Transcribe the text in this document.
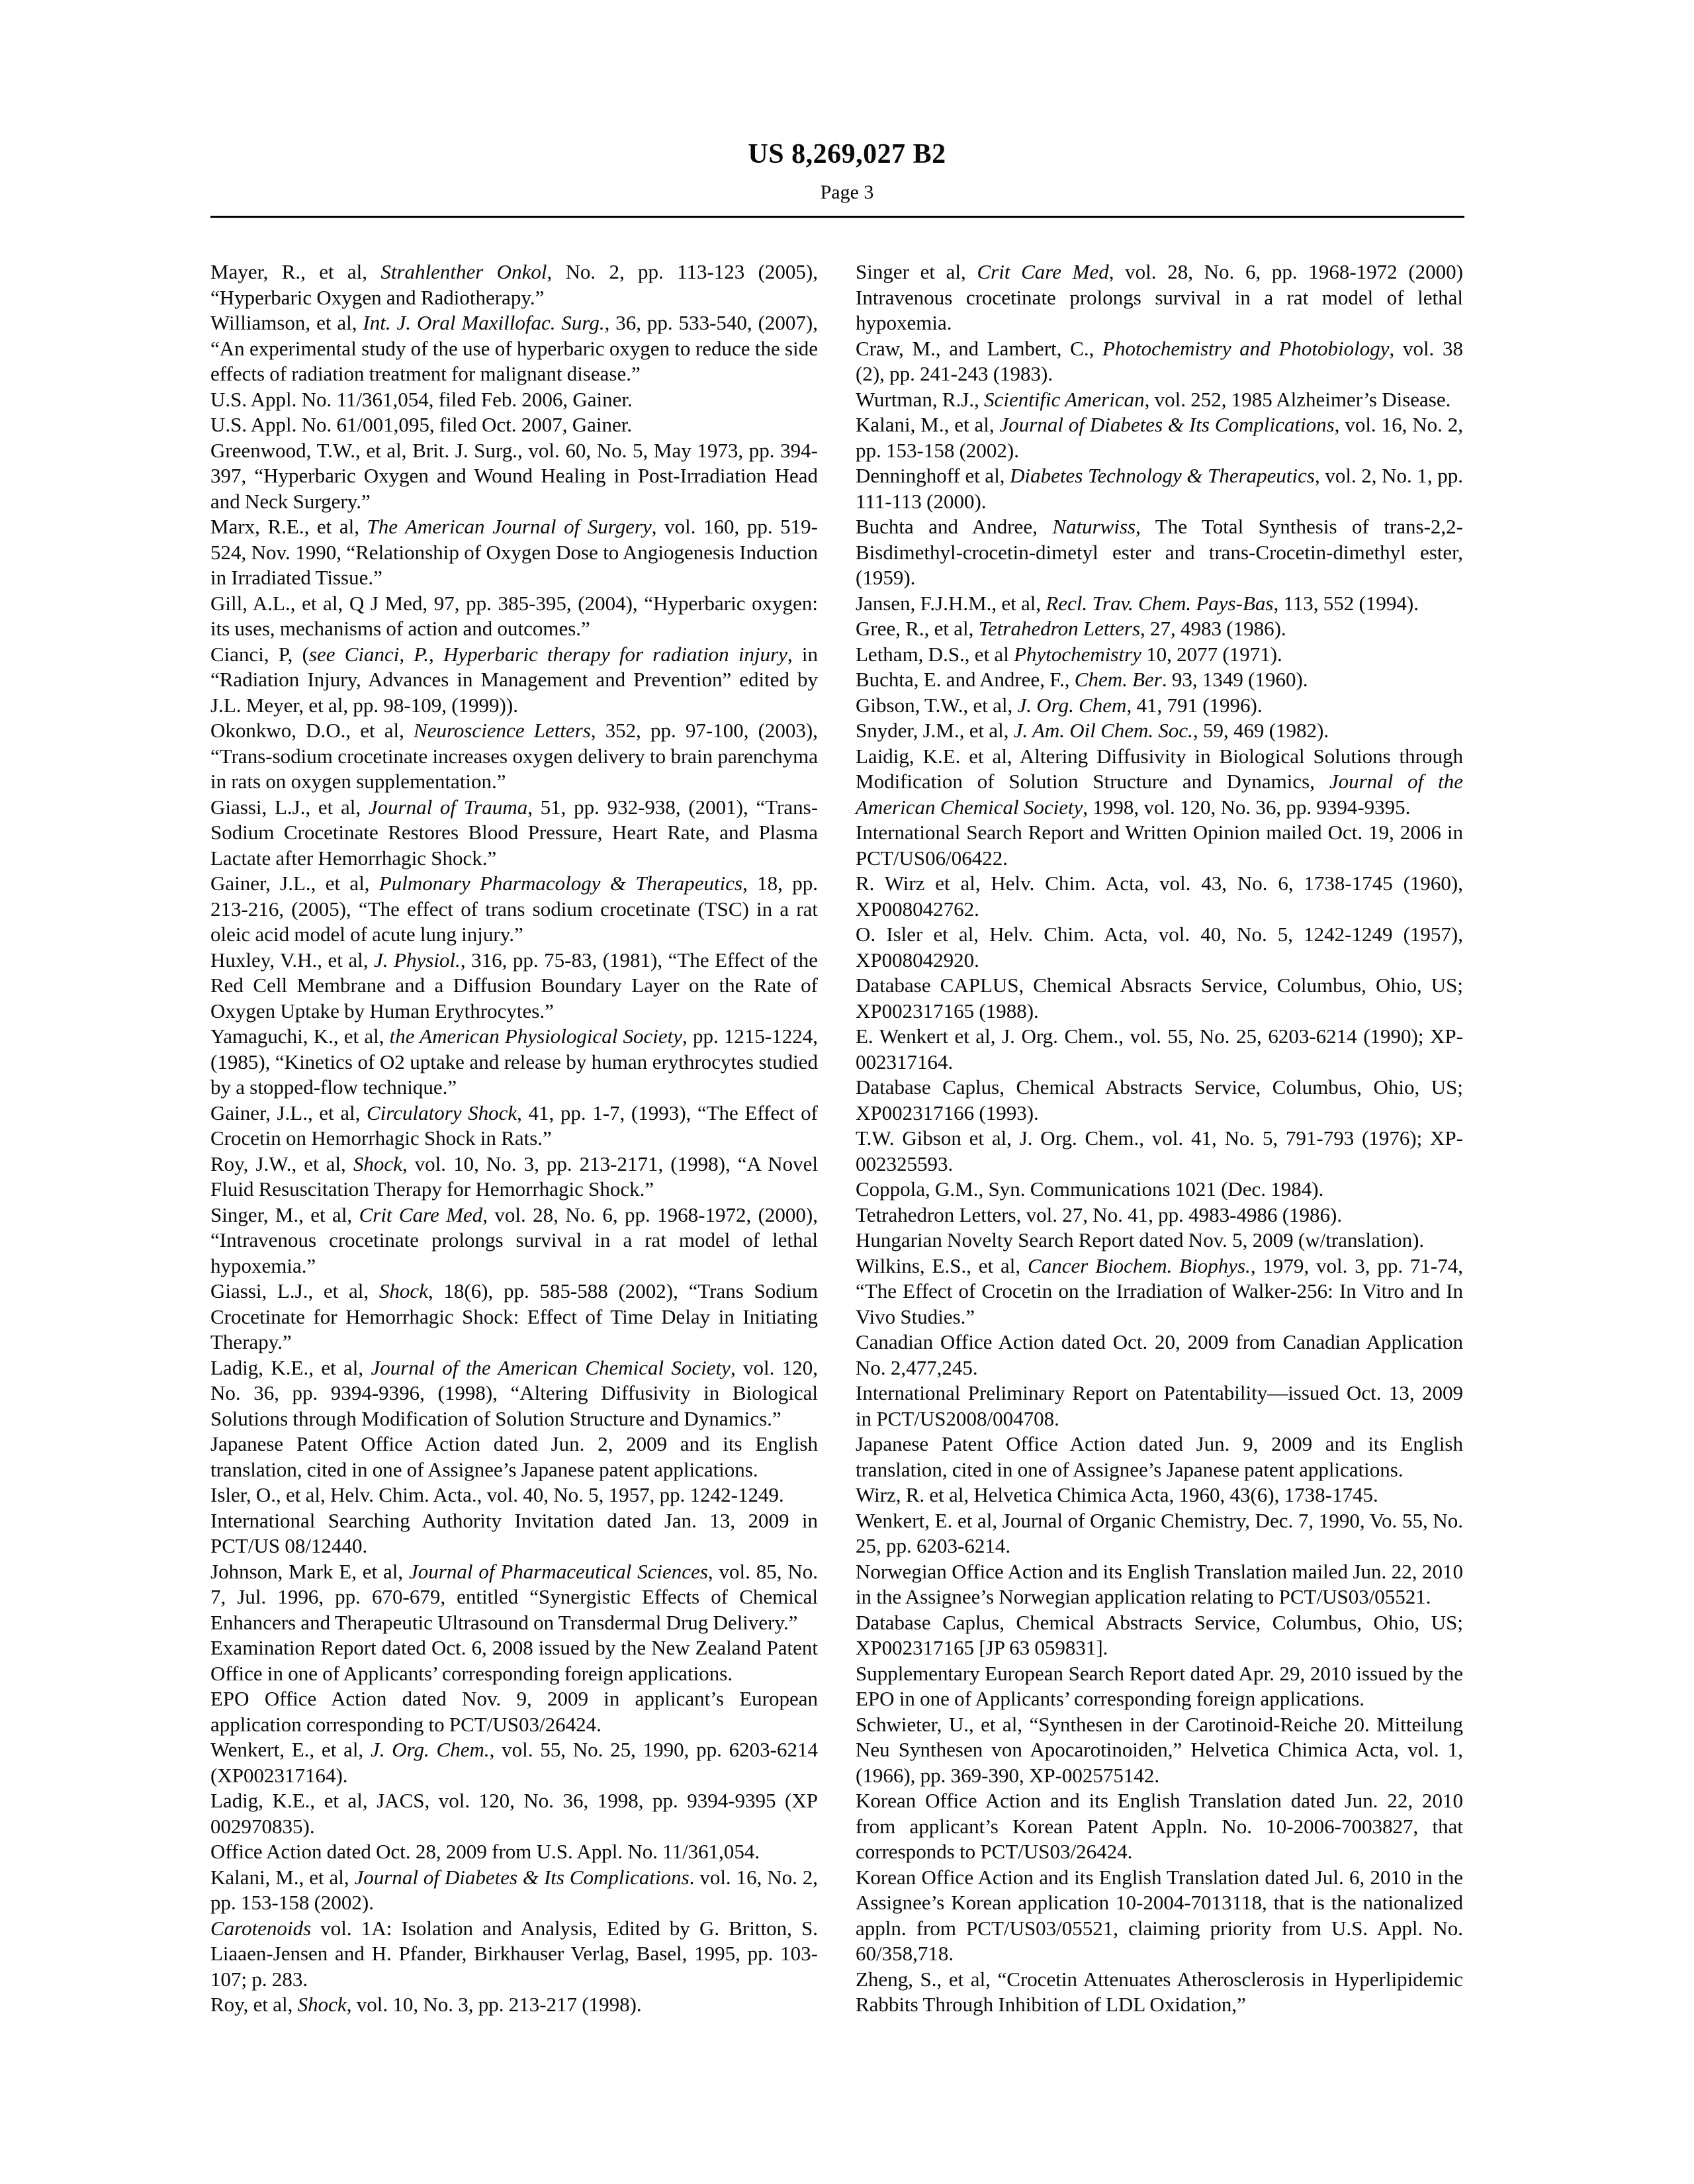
US 8,269,027 B2
Page 3

Mayer, R., et al, Strahlenther Onkol, No. 2, pp. 113-123 (2005), “Hyperbaric Oxygen and Radiotherapy.”

Williamson, et al, Int. J. Oral Maxillofac. Surg., 36, pp. 533-540, (2007), “An experimental study of the use of hyperbaric oxygen to reduce the side effects of radiation treatment for malignant disease.”

U.S. Appl. No. 11/361,054, filed Feb. 2006, Gainer.

U.S. Appl. No. 61/001,095, filed Oct. 2007, Gainer.

Greenwood, T.W., et al, Brit. J. Surg., vol. 60, No. 5, May 1973, pp. 394-397, “Hyperbaric Oxygen and Wound Healing in Post-Irradiation Head and Neck Surgery.”

Marx, R.E., et al, The American Journal of Surgery, vol. 160, pp. 519-524, Nov. 1990, “Relationship of Oxygen Dose to Angiogenesis Induction in Irradiated Tissue.”

Gill, A.L., et al, Q J Med, 97, pp. 385-395, (2004), “Hyperbaric oxygen: its uses, mechanisms of action and outcomes.”

Cianci, P, (see Cianci, P., Hyperbaric therapy for radiation injury, in “Radiation Injury, Advances in Management and Prevention” edited by J.L. Meyer, et al, pp. 98-109, (1999)).

Okonkwo, D.O., et al, Neuroscience Letters, 352, pp. 97-100, (2003), “Trans-sodium crocetinate increases oxygen delivery to brain parenchyma in rats on oxygen supplementation.”

Giassi, L.J., et al, Journal of Trauma, 51, pp. 932-938, (2001), “Trans-Sodium Crocetinate Restores Blood Pressure, Heart Rate, and Plasma Lactate after Hemorrhagic Shock.”

Gainer, J.L., et al, Pulmonary Pharmacology & Therapeutics, 18, pp. 213-216, (2005), “The effect of trans sodium crocetinate (TSC) in a rat oleic acid model of acute lung injury.”

Huxley, V.H., et al, J. Physiol., 316, pp. 75-83, (1981), “The Effect of the Red Cell Membrane and a Diffusion Boundary Layer on the Rate of Oxygen Uptake by Human Erythrocytes.”

Yamaguchi, K., et al, the American Physiological Society, pp. 1215-1224, (1985), “Kinetics of O2 uptake and release by human erythrocytes studied by a stopped-flow technique.”

Gainer, J.L., et al, Circulatory Shock, 41, pp. 1-7, (1993), “The Effect of Crocetin on Hemorrhagic Shock in Rats.”

Roy, J.W., et al, Shock, vol. 10, No. 3, pp. 213-2171, (1998), “A Novel Fluid Resuscitation Therapy for Hemorrhagic Shock.”

Singer, M., et al, Crit Care Med, vol. 28, No. 6, pp. 1968-1972, (2000), “Intravenous crocetinate prolongs survival in a rat model of lethal hypoxemia.”

Giassi, L.J., et al, Shock, 18(6), pp. 585-588 (2002), “Trans Sodium Crocetinate for Hemorrhagic Shock: Effect of Time Delay in Initiating Therapy.”

Ladig, K.E., et al, Journal of the American Chemical Society, vol. 120, No. 36, pp. 9394-9396, (1998), “Altering Diffusivity in Biological Solutions through Modification of Solution Structure and Dynamics.”

Japanese Patent Office Action dated Jun. 2, 2009 and its English translation, cited in one of Assignee’s Japanese patent applications.

Isler, O., et al, Helv. Chim. Acta., vol. 40, No. 5, 1957, pp. 1242-1249.

International Searching Authority Invitation dated Jan. 13, 2009 in PCT/US 08/12440.

Johnson, Mark E, et al, Journal of Pharmaceutical Sciences, vol. 85, No. 7, Jul. 1996, pp. 670-679, entitled “Synergistic Effects of Chemical Enhancers and Therapeutic Ultrasound on Transdermal Drug Delivery.”

Examination Report dated Oct. 6, 2008 issued by the New Zealand Patent Office in one of Applicants’ corresponding foreign applications.

EPO Office Action dated Nov. 9, 2009 in applicant’s European application corresponding to PCT/US03/26424.

Wenkert, E., et al, J. Org. Chem., vol. 55, No. 25, 1990, pp. 6203-6214 (XP002317164).

Ladig, K.E., et al, JACS, vol. 120, No. 36, 1998, pp. 9394-9395 (XP 002970835).

Office Action dated Oct. 28, 2009 from U.S. Appl. No. 11/361,054.

Kalani, M., et al, Journal of Diabetes & Its Complications. vol. 16, No. 2, pp. 153-158 (2002).

Carotenoids vol. 1A: Isolation and Analysis, Edited by G. Britton, S. Liaaen-Jensen and H. Pfander, Birkhauser Verlag, Basel, 1995, pp. 103-107; p. 283.

Roy, et al, Shock, vol. 10, No. 3, pp. 213-217 (1998).

Singer et al, Crit Care Med, vol. 28, No. 6, pp. 1968-1972 (2000) Intravenous crocetinate prolongs survival in a rat model of lethal hypoxemia.

Craw, M., and Lambert, C., Photochemistry and Photobiology, vol. 38 (2), pp. 241-243 (1983).

Wurtman, R.J., Scientific American, vol. 252, 1985 Alzheimer’s Disease.

Kalani, M., et al, Journal of Diabetes & Its Complications, vol. 16, No. 2, pp. 153-158 (2002).

Denninghoff et al, Diabetes Technology & Therapeutics, vol. 2, No. 1, pp. 111-113 (2000).

Buchta and Andree, Naturwiss, The Total Synthesis of trans-2,2-Bisdimethyl-crocetin-dimetyl ester and trans-Crocetin-dimethyl ester, (1959).

Jansen, F.J.H.M., et al, Recl. Trav. Chem. Pays-Bas, 113, 552 (1994).

Gree, R., et al, Tetrahedron Letters, 27, 4983 (1986).

Letham, D.S., et al Phytochemistry 10, 2077 (1971).

Buchta, E. and Andree, F., Chem. Ber. 93, 1349 (1960).

Gibson, T.W., et al, J. Org. Chem, 41, 791 (1996).

Snyder, J.M., et al, J. Am. Oil Chem. Soc., 59, 469 (1982).

Laidig, K.E. et al, Altering Diffusivity in Biological Solutions through Modification of Solution Structure and Dynamics, Journal of the American Chemical Society, 1998, vol. 120, No. 36, pp. 9394-9395.

International Search Report and Written Opinion mailed Oct. 19, 2006 in PCT/US06/06422.

R. Wirz et al, Helv. Chim. Acta, vol. 43, No. 6, 1738-1745 (1960), XP008042762.

O. Isler et al, Helv. Chim. Acta, vol. 40, No. 5, 1242-1249 (1957), XP008042920.

Database CAPLUS, Chemical Absracts Service, Columbus, Ohio, US; XP002317165 (1988).

E. Wenkert et al, J. Org. Chem., vol. 55, No. 25, 6203-6214 (1990); XP-002317164.

Database Caplus, Chemical Abstracts Service, Columbus, Ohio, US; XP002317166 (1993).

T.W. Gibson et al, J. Org. Chem., vol. 41, No. 5, 791-793 (1976); XP-002325593.

Coppola, G.M., Syn. Communications 1021 (Dec. 1984).

Tetrahedron Letters, vol. 27, No. 41, pp. 4983-4986 (1986).

Hungarian Novelty Search Report dated Nov. 5, 2009 (w/translation).

Wilkins, E.S., et al, Cancer Biochem. Biophys., 1979, vol. 3, pp. 71-74, “The Effect of Crocetin on the Irradiation of Walker-256: In Vitro and In Vivo Studies.”

Canadian Office Action dated Oct. 20, 2009 from Canadian Application No. 2,477,245.

International Preliminary Report on Patentability—issued Oct. 13, 2009 in PCT/US2008/004708.

Japanese Patent Office Action dated Jun. 9, 2009 and its English translation, cited in one of Assignee’s Japanese patent applications.

Wirz, R. et al, Helvetica Chimica Acta, 1960, 43(6), 1738-1745.

Wenkert, E. et al, Journal of Organic Chemistry, Dec. 7, 1990, Vo. 55, No. 25, pp. 6203-6214.

Norwegian Office Action and its English Translation mailed Jun. 22, 2010 in the Assignee’s Norwegian application relating to PCT/US03/05521.

Database Caplus, Chemical Abstracts Service, Columbus, Ohio, US; XP002317165 [JP 63 059831].

Supplementary European Search Report dated Apr. 29, 2010 issued by the EPO in one of Applicants’ corresponding foreign applications.

Schwieter, U., et al, “Synthesen in der Carotinoid-Reiche 20. Mitteilung Neu Synthesen von Apocarotinoiden,” Helvetica Chimica Acta, vol. 1, (1966), pp. 369-390, XP-002575142.

Korean Office Action and its English Translation dated Jun. 22, 2010 from applicant’s Korean Patent Appln. No. 10-2006-7003827, that corresponds to PCT/US03/26424.

Korean Office Action and its English Translation dated Jul. 6, 2010 in the Assignee’s Korean application 10-2004-7013118, that is the nationalized appln. from PCT/US03/05521, claiming priority from U.S. Appl. No. 60/358,718.

Zheng, S., et al, “Crocetin Attenuates Atherosclerosis in Hyperlipidemic Rabbits Through Inhibition of LDL Oxidation,”
